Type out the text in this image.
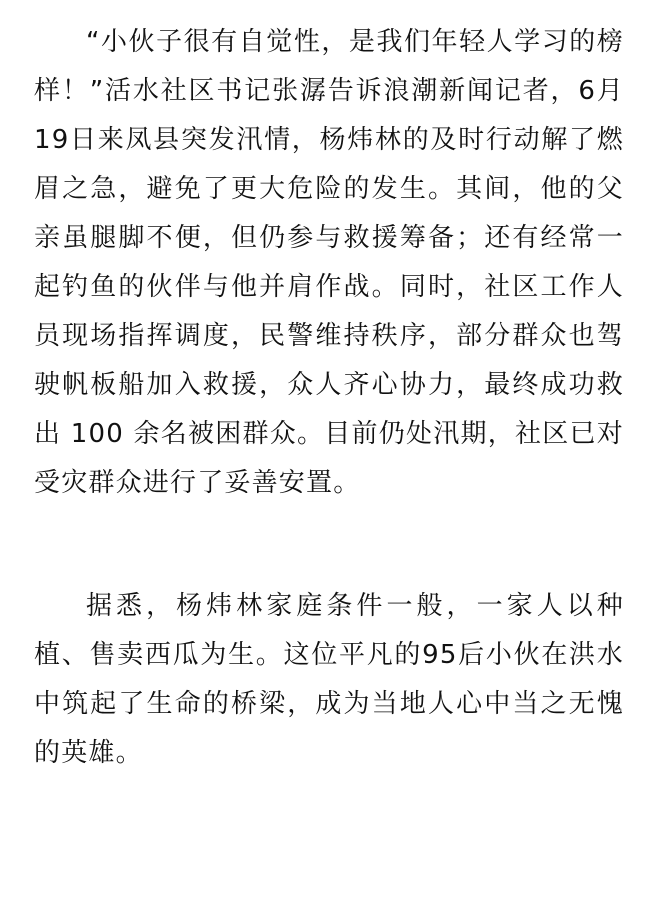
“小伙子很有自觉性，是我们年轻人学习的榜样！”活水社区书记张潺告诉浪潮新闻记者，6月19日来凤县突发汛情，杨炜林的及时行动解了燃眉之急，避免了更大危险的发生。其间，他的父亲虽腿脚不便，但仍参与救援筹备；还有经常一起钓鱼的伙伴与他并肩作战。同时，社区工作人员现场指挥调度，民警维持秩序，部分群众也驾驶帆板船加入救援，众人齐心协力，最终成功救出 100 余名被困群众。目前仍处汛期，社区已对受灾群众进行了妥善安置。

据悉，杨炜林家庭条件一般，一家人以种植、售卖西瓜为生。这位平凡的95后小伙在洪水中筑起了生命的桥梁，成为当地人心中当之无愧的英雄。
